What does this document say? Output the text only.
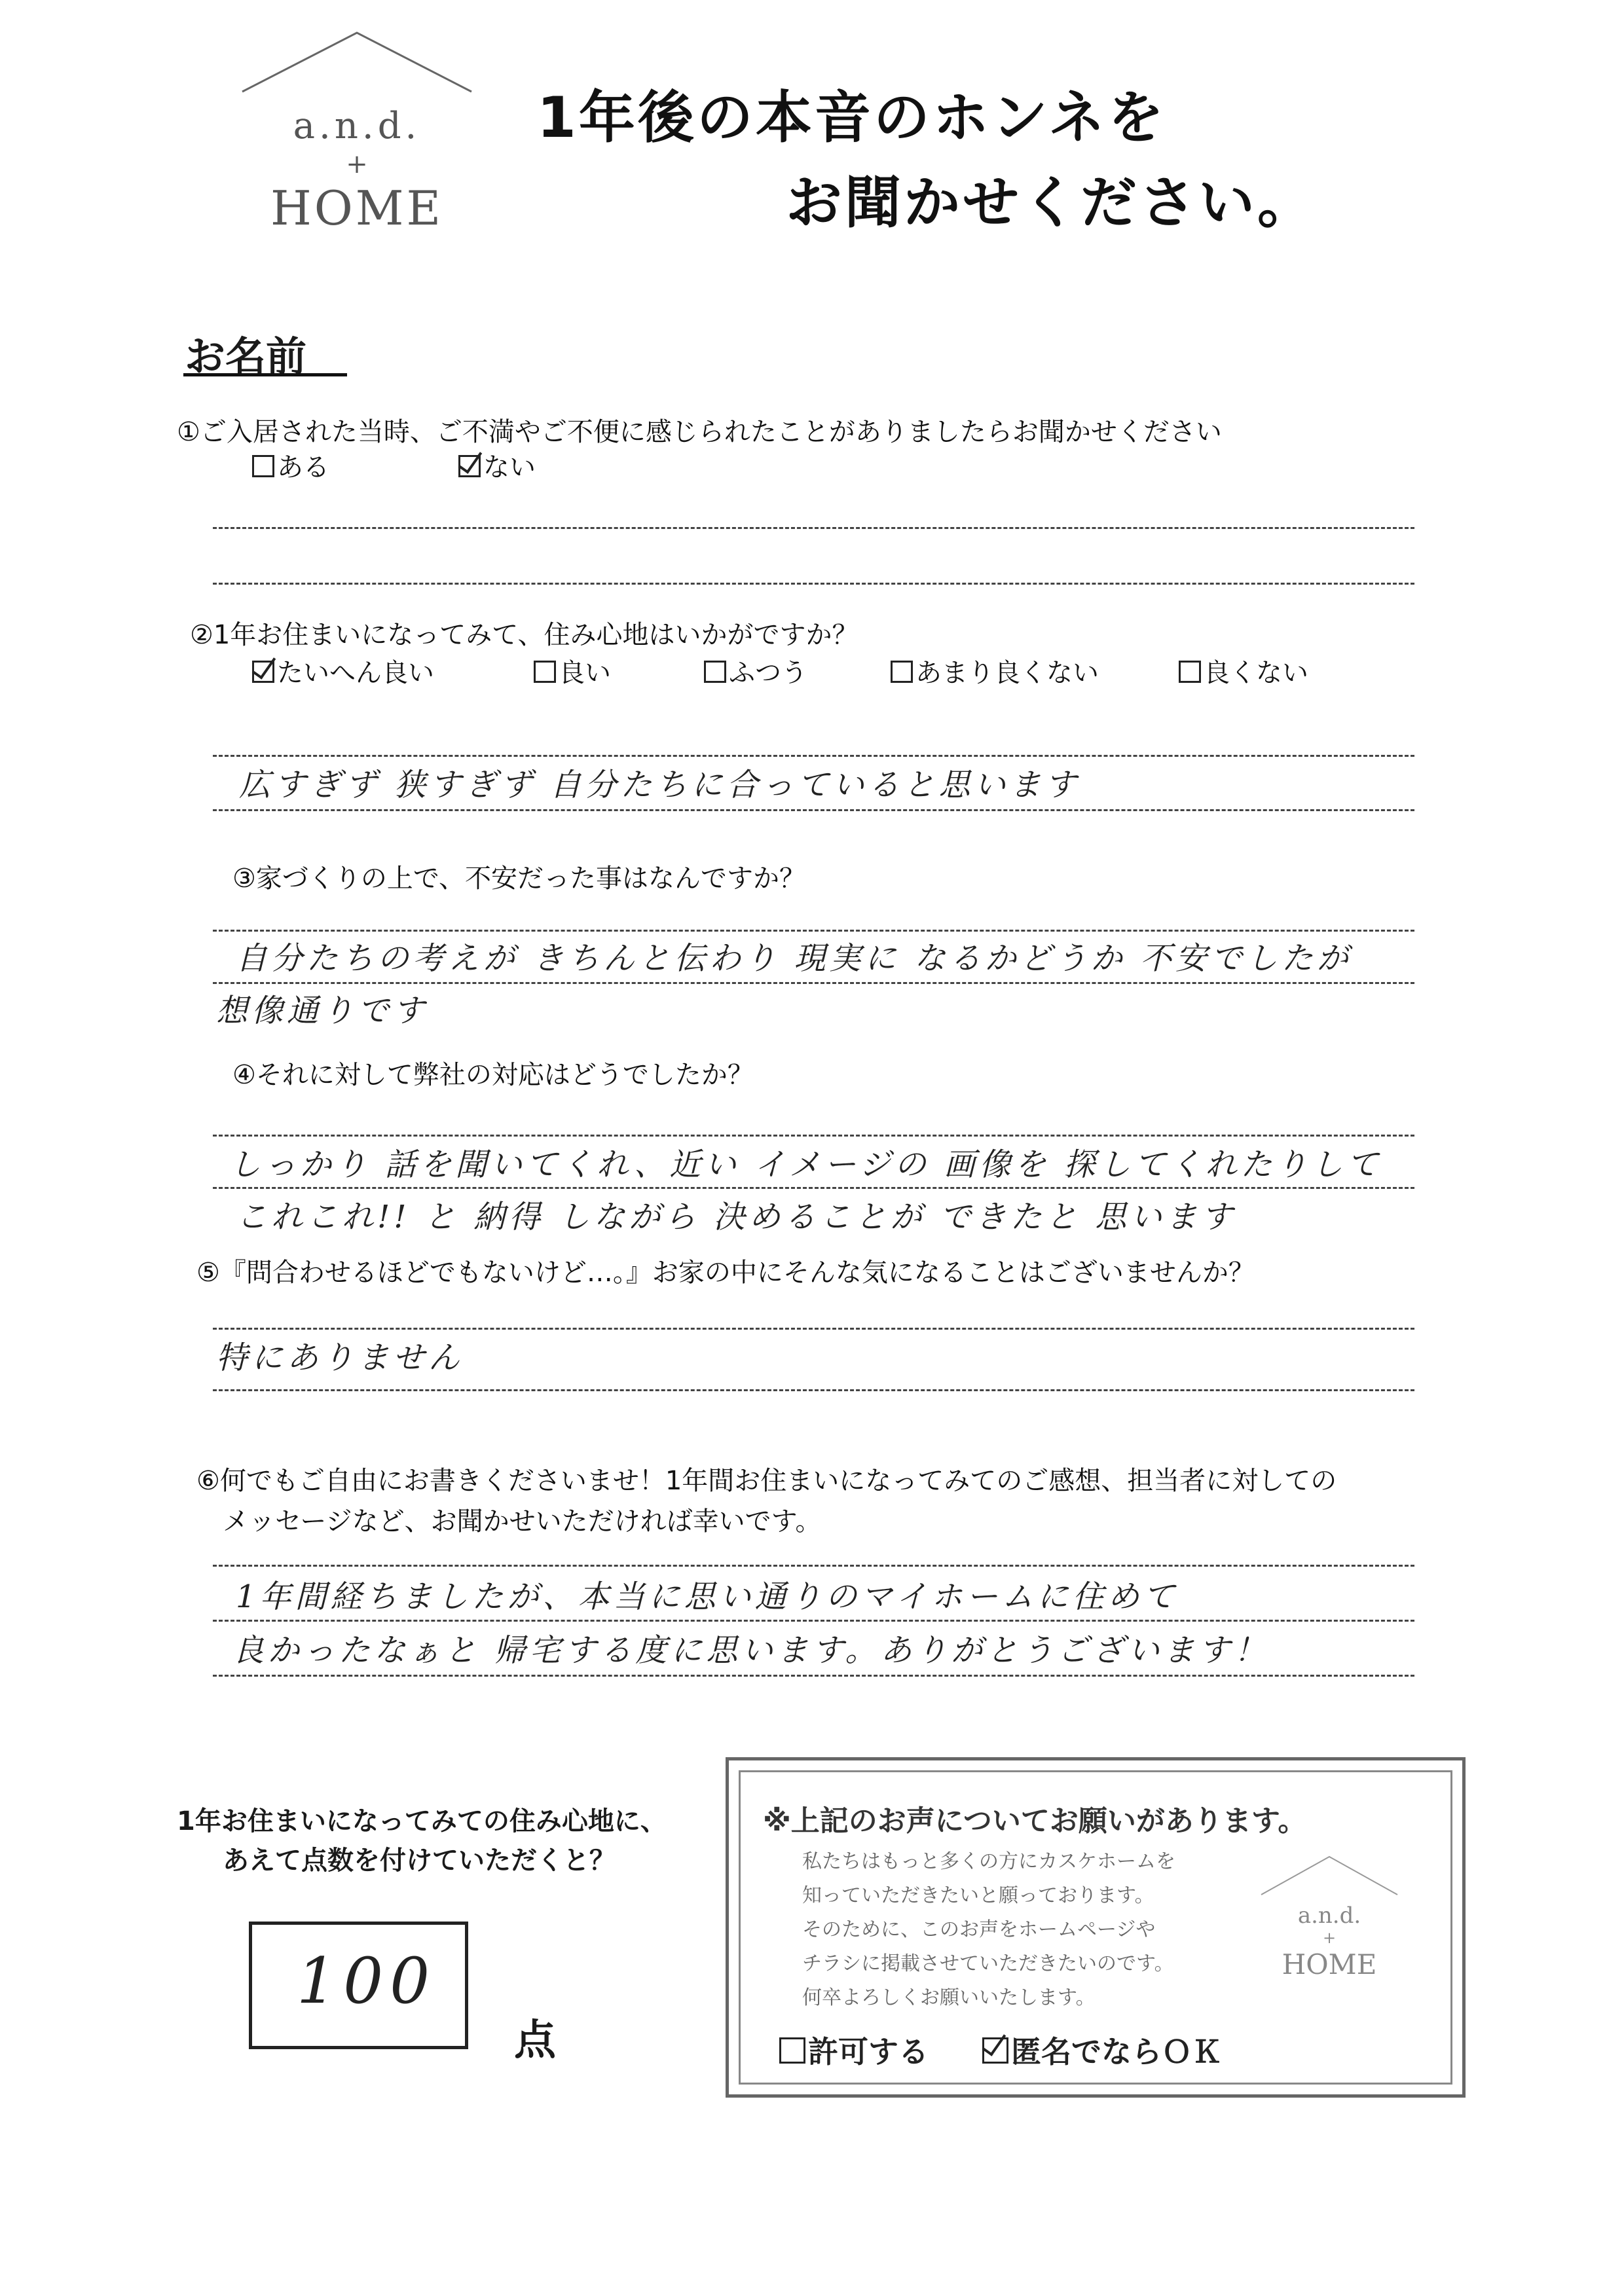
a.n.d.
+
HOME
1年後の本音のホンネを
お聞かせください。
お名前
①ご入居された当時、ご不満やご不便に感じられたことがありましたらお聞かせください
ある	ない
②1年お住まいになってみて、住み心地はいかがですか？
たいへん良い	良い	ふつう	あまり良くない	良くない
広すぎず 狭すぎず 自分たちに合っていると思います
③家づくりの上で、不安だった事はなんですか？
自分たちの考えが きちんと伝わり 現実に なるかどうか 不安でしたが
想像通りです
④それに対して弊社の対応はどうでしたか？
しっかり 話を聞いてくれ、近い イメージの 画像を 探してくれたりして
これこれ!! と 納得 しながら 決めることが できたと 思います
⑤『問合わせるほどでもないけど…。』お家の中にそんな気になることはございませんか？
特にありません
⑥何でもご自由にお書きくださいませ！1年間お住まいになってみてのご感想、担当者に対しての
メッセージなど、お聞かせいただければ幸いです。
1年間経ちましたが、本当に思い通りのマイホームに住めて
良かったなぁと 帰宅する度に思います。ありがとうございます！
1年お住まいになってみての住み心地に、
あえて点数を付けていただくと？
100
点
※上記のお声についてお願いがあります。
私たちはもっと多くの方にカスケホームを
知っていただきたいと願っております。
そのために、このお声をホームページや
チラシに掲載させていただきたいのです。
何卒よろしくお願いいたします。
a.n.d.
+
HOME
許可する	匿名でならＯＫ
